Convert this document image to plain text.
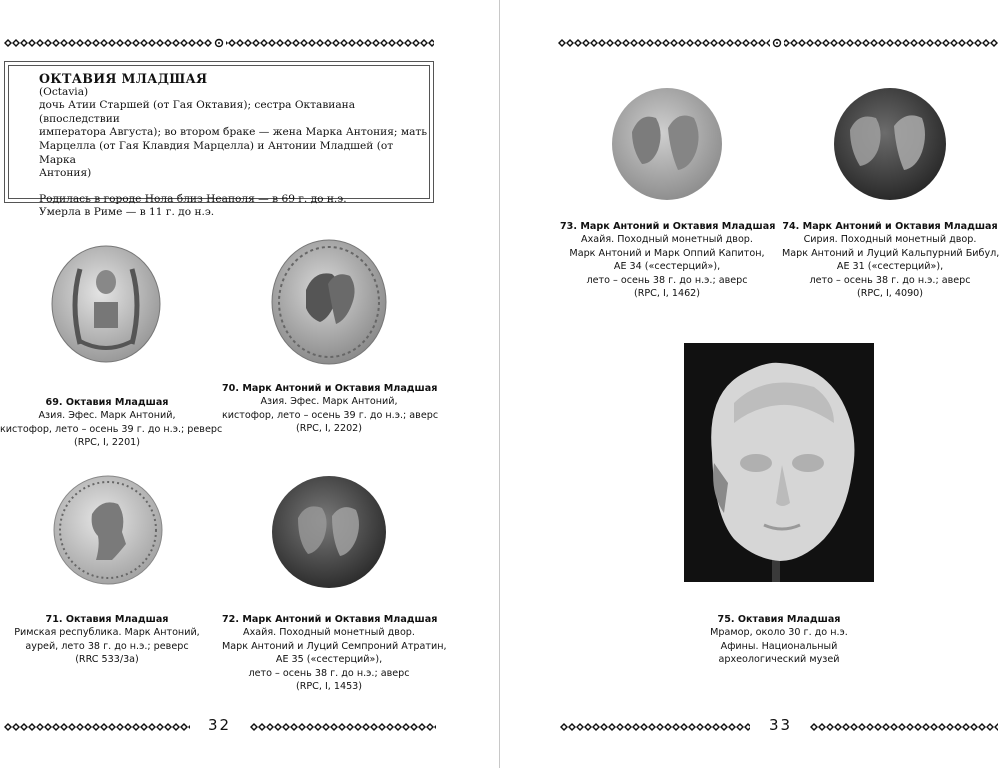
ОКТАВИЯ МЛАДШАЯ
(Octavia)
дочь Атии Старшей (от Гая Октавия); сестра Октавиана (впоследствии
императора Августа); во втором браке — жена Марка Антония; мать
Марцелла (от Гая Клавдия Марцелла) и Антонии Младшей (от Марка
Антония)
Родилась в городе Нола близ Неаполя — в 69 г. до н.э.
Умерла в Риме — в 11 г. до н.э.
69. Октавия Младшая
Азия. Эфес. Марк Антоний,
кистофор, лето – осень 39 г. до н.э.; реверс
(RPC, I, 2201)
70. Марк Антоний и Октавия Младшая
Азия. Эфес. Марк Антоний,
кистофор, лето – осень 39 г. до н.э.; аверс
(RPC, I, 2202)
71. Октавия Младшая
Римская республика. Марк Антоний,
аурей, лето 38 г. до н.э.; реверс
(RRC 533/3a)
72. Марк Антоний и Октавия Младшая
Ахайя. Походный монетный двор.
Марк Антоний и Луций Семпроний Атратин,
AE 35 («сестерций»),
лето – осень 38 г. до н.э.; аверс
(RPC, I, 1453)
73. Марк Антоний и Октавия Младшая
Ахайя. Походный монетный двор.
Марк Антоний и Марк Оппий Капитон,
AE 34 («сестерций»),
лето – осень 38 г. до н.э.; аверс
(RPC, I, 1462)
74. Марк Антоний и Октавия Младшая
Сирия. Походный монетный двор.
Марк Антоний и Луций Кальпурний Бибул,
AE 31 («сестерций»),
лето – осень 38 г. до н.э.; аверс
(RPC, I, 4090)
75. Октавия Младшая
Мрамор, около 30 г. до н.э.
Афины. Национальный
археологический музей
32	33
